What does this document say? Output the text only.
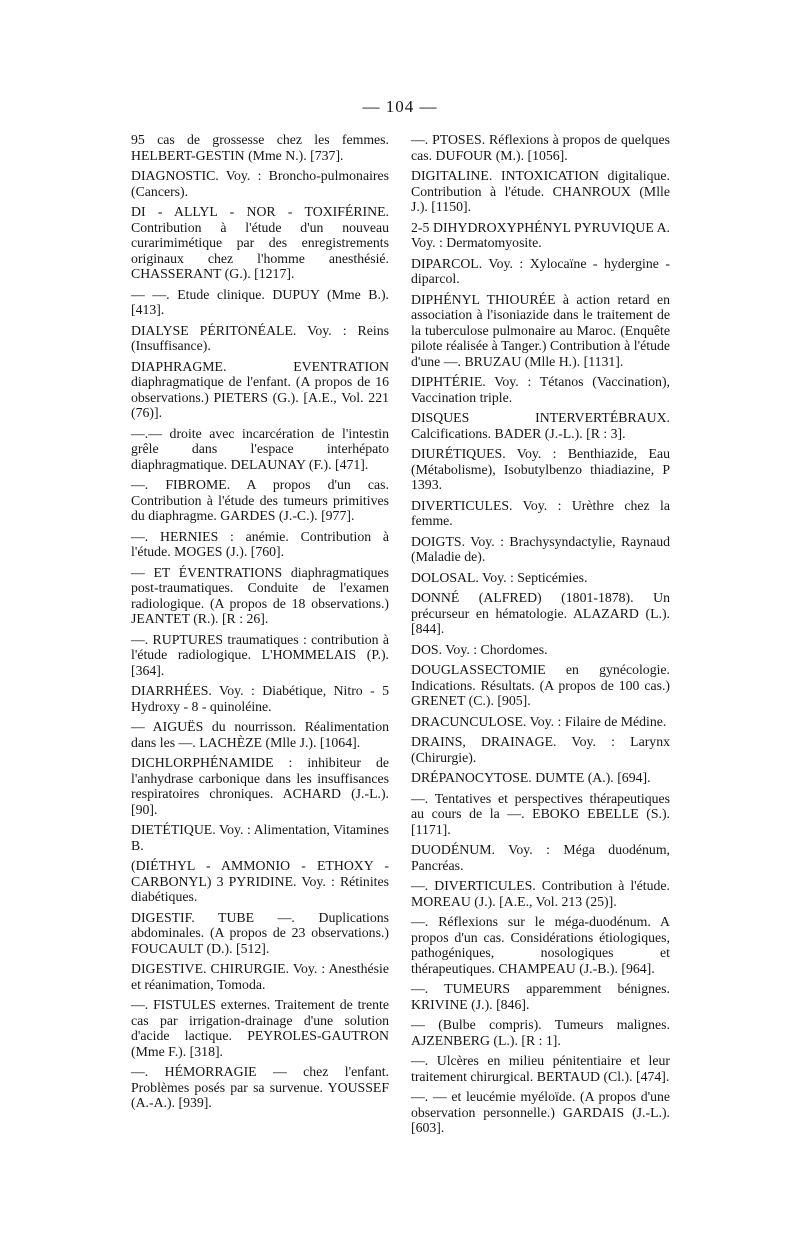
— 104 —

95 cas de grossesse chez les femmes. HELBERT-GESTIN (Mme N.). [737].

DIAGNOSTIC. Voy. : Broncho-pulmonaires (Cancers).

DI - ALLYL - NOR - TOXIFÉRINE. Contribution à l'étude d'un nouveau curarimimétique par des enregistrements originaux chez l'homme anesthésié. CHASSERANT (G.). [1217].

— —. Etude clinique. DUPUY (Mme B.). [413].

DIALYSE PÉRITONÉALE. Voy. : Reins (Insuffisance).

DIAPHRAGME. EVENTRATION diaphragmatique de l'enfant. (A propos de 16 observations.) PIETERS (G.). [A.E., Vol. 221 (76)].

—.— droite avec incarcération de l'intestin grêle dans l'espace interhépato diaphragmatique. DELAUNAY (F.). [471].

—. FIBROME. A propos d'un cas. Contribution à l'étude des tumeurs primitives du diaphragme. GARDES (J.-C.). [977].

—. HERNIES : anémie. Contribution à l'étude. MOGES (J.). [760].

— ET ÉVENTRATIONS diaphragmatiques post-traumatiques. Conduite de l'examen radiologique. (A propos de 18 observations.) JEANTET (R.). [R : 26].

—. RUPTURES traumatiques : contribution à l'étude radiologique. L'HOMMELAIS (P.). [364].

DIARRHÉES. Voy. : Diabétique, Nitro - 5 Hydroxy - 8 - quinoléine.

— AIGUËS du nourrisson. Réalimentation dans les —. LACHÈZE (Mlle J.). [1064].

DICHLORPHÉNAMIDE : inhibiteur de l'anhydrase carbonique dans les insuffisances respiratoires chroniques. ACHARD (J.-L.). [90].

DIETÉTIQUE. Voy. : Alimentation, Vitamines B.

(DIÉTHYL - AMMONIO - ETHOXY - CARBONYL) 3 PYRIDINE. Voy. : Rétinites diabétiques.

DIGESTIF. TUBE —. Duplications abdominales. (A propos de 23 observations.) FOUCAULT (D.). [512].

DIGESTIVE. CHIRURGIE. Voy. : Anesthésie et réanimation, Tomoda.

—. FISTULES externes. Traitement de trente cas par irrigation-drainage d'une solution d'acide lactique. PEYROLES-GAUTRON (Mme F.). [318].

—. HÉMORRAGIE — chez l'enfant. Problèmes posés par sa survenue. YOUSSEF (A.-A.). [939].

—. PTOSES. Réflexions à propos de quelques cas. DUFOUR (M.). [1056].

DIGITALINE. INTOXICATION digitalique. Contribution à l'étude. CHANROUX (Mlle J.). [1150].

2-5 DIHYDROXYPHÉNYL PYRUVIQUE A. Voy. : Dermatomyosite.

DIPARCOL. Voy. : Xylocaïne - hydergine - diparcol.

DIPHÉNYL THIOURÉE à action retard en association à l'isoniazide dans le traitement de la tuberculose pulmonaire au Maroc. (Enquête pilote réalisée à Tanger.) Contribution à l'étude d'une —. BRUZAU (Mlle H.). [1131].

DIPHTÉRIE. Voy. : Tétanos (Vaccination), Vaccination triple.

DISQUES INTERVERTÉBRAUX. Calcifications. BADER (J.-L.). [R : 3].

DIURÉTIQUES. Voy. : Benthiazide, Eau (Métabolisme), Isobutylbenzo thiadiazine, P 1393.

DIVERTICULES. Voy. : Urèthre chez la femme.

DOIGTS. Voy. : Brachysyndactylie, Raynaud (Maladie de).

DOLOSAL. Voy. : Septicémies.

DONNÉ (ALFRED) (1801-1878). Un précurseur en hématologie. ALAZARD (L.). [844].

DOS. Voy. : Chordomes.

DOUGLASSECTOMIE en gynécologie. Indications. Résultats. (A propos de 100 cas.) GRENET (C.). [905].

DRACUNCULOSE. Voy. : Filaire de Médine.

DRAINS, DRAINAGE. Voy. : Larynx (Chirurgie).

DRÉPANOCYTOSE. DUMTE (A.). [694].

—. Tentatives et perspectives thérapeutiques au cours de la —. EBOKO EBELLE (S.). [1171].

DUODÉNUM. Voy. : Méga duodénum, Pancréas.

—. DIVERTICULES. Contribution à l'étude. MOREAU (J.). [A.E., Vol. 213 (25)].

—. Réflexions sur le méga-duodénum. A propos d'un cas. Considérations étiologiques, pathogéniques, nosologiques et thérapeutiques. CHAMPEAU (J.-B.). [964].

—. TUMEURS apparemment bénignes. KRIVINE (J.). [846].

— (Bulbe compris). Tumeurs malignes. AJZENBERG (L.). [R : 1].

—. Ulcères en milieu pénitentiaire et leur traitement chirurgical. BERTAUD (Cl.). [474].

—. — et leucémie myéloïde. (A propos d'une observation personnelle.) GARDAIS (J.-L.). [603].
